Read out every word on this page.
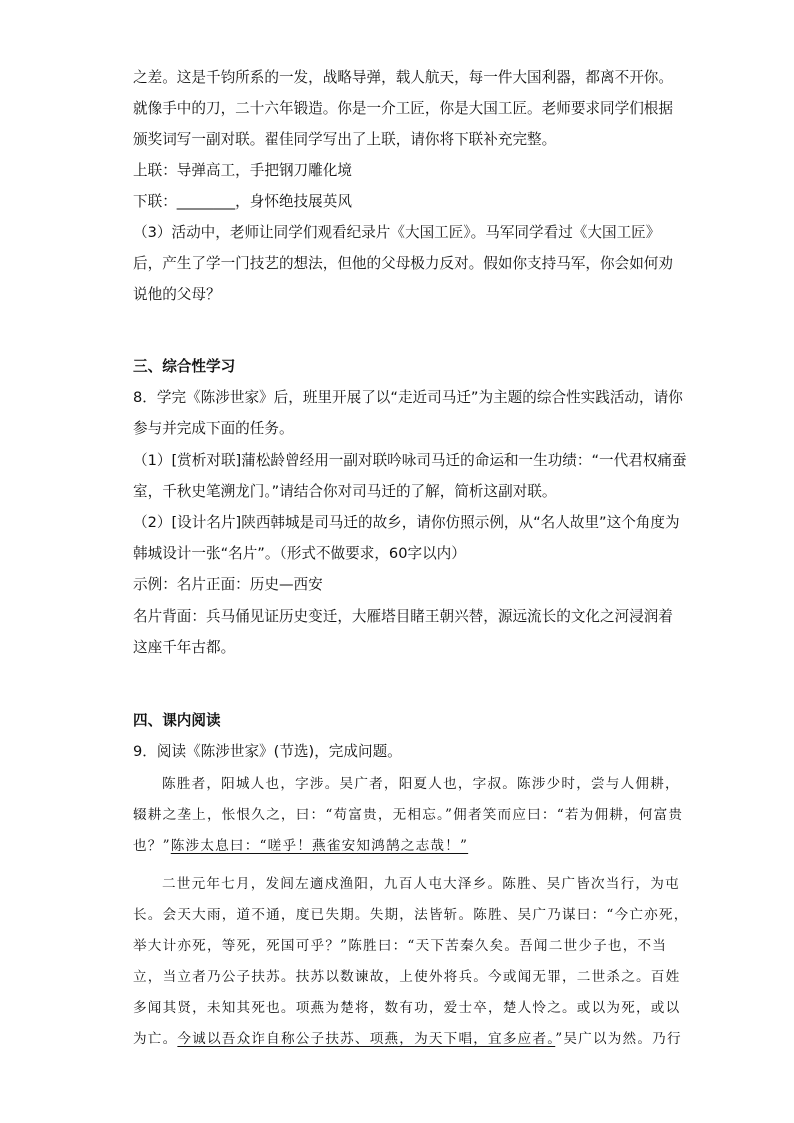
之差。这是千钧所系的一发，战略导弹，载人航天，每一件大国利器，都离不开你。
就像手中的刀，二十六年锻造。你是一介工匠，你是大国工匠。老师要求同学们根据
颁奖词写一副对联。翟佳同学写出了上联，请你将下联补充完整。
上联：导弹高工，手把钢刀雕化境
下联：________，身怀绝技展英风
（3）活动中，老师让同学们观看纪录片《大国工匠》。马军同学看过《大国工匠》
后，产生了学一门技艺的想法，但他的父母极力反对。假如你支持马军，你会如何劝
说他的父母？
三、综合性学习
8．学完《陈涉世家》后，班里开展了以“走近司马迁”为主题的综合性实践活动，请你
参与并完成下面的任务。
（1）[赏析对联]蒲松龄曾经用一副对联吟咏司马迁的命运和一生功绩：“一代君权痛蚕
室，千秋史笔溯龙门。”请结合你对司马迁的了解，简析这副对联。
（2）[设计名片]陕西韩城是司马迁的故乡，请你仿照示例，从“名人故里”这个角度为
韩城设计一张“名片”。（形式不做要求，60字以内）
示例：名片正面：历史—西安
名片背面：兵马俑见证历史变迁，大雁塔目睹王朝兴替，源远流长的文化之河浸润着
这座千年古都。
四、课内阅读
9．阅读《陈涉世家》(节选)，完成问题。
陈胜者，阳城人也，字涉。吴广者，阳夏人也，字叔。陈涉少时，尝与人佣耕，
辍耕之垄上，怅恨久之，曰：“苟富贵，无相忘。”佣者笑而应曰：“若为佣耕，何富贵
也？”陈涉太息曰：“嗟乎！燕雀安知鸿鹄之志哉！”
二世元年七月，发闾左適戍渔阳，九百人屯大泽乡。陈胜、吴广皆次当行，为屯
长。会天大雨，道不通，度已失期。失期，法皆斩。陈胜、吴广乃谋曰：“今亡亦死，
举大计亦死，等死，死国可乎？”陈胜曰：“天下苦秦久矣。吾闻二世少子也，不当
立，当立者乃公子扶苏。扶苏以数谏故，上使外将兵。今或闻无罪，二世杀之。百姓
多闻其贤，未知其死也。项燕为楚将，数有功，爱士卒，楚人怜之。或以为死，或以
为亡。今诚以吾众诈自称公子扶苏、项燕，为天下唱，宜多应者。”吴广以为然。乃行
